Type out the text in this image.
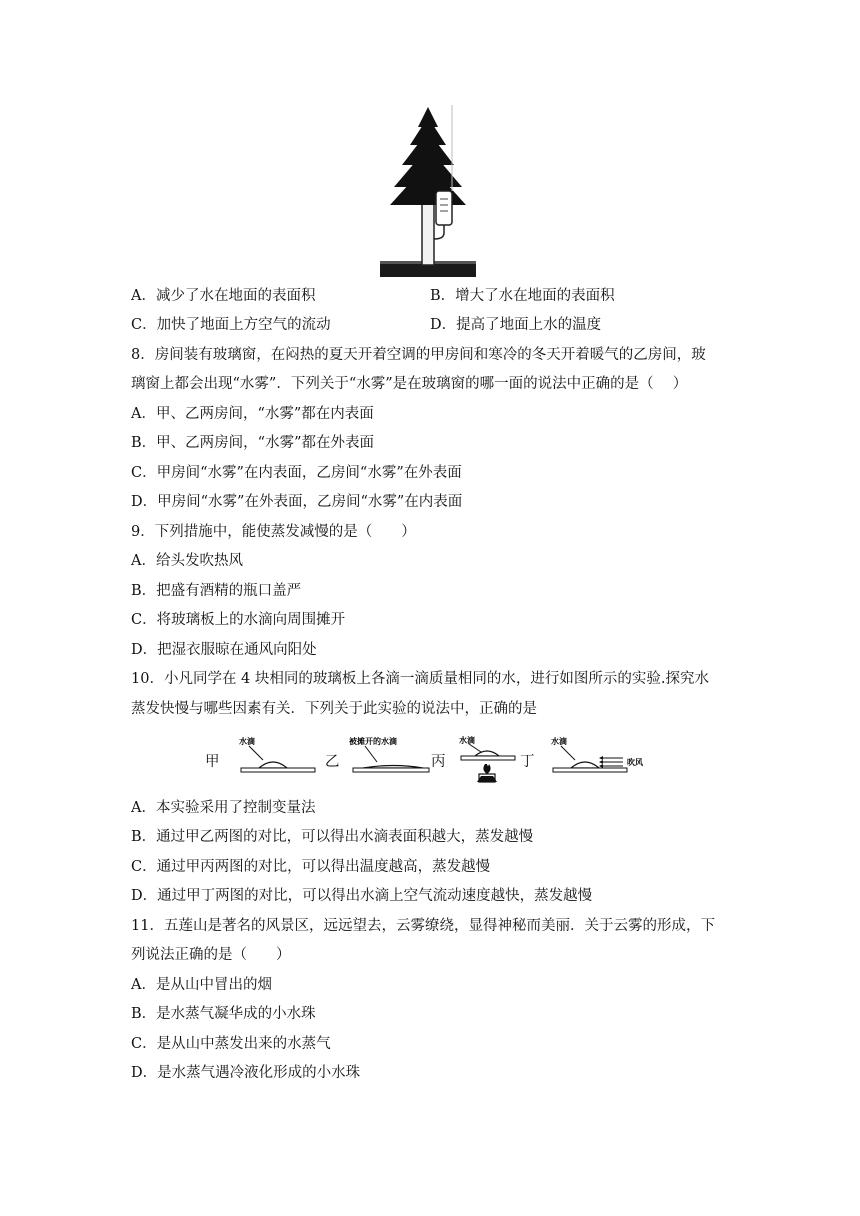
A．减少了水在地面的表面积	B．增大了水在地面的表面积
C．加快了地面上方空气的流动	D．提高了地面上水的温度
8．房间装有玻璃窗，在闷热的夏天开着空调的甲房间和寒冷的冬天开着暖气的乙房间，玻
璃窗上都会出现“水雾”．下列关于“水雾”是在玻璃窗的哪一面的说法中正确的是（　 ）
A．甲、乙两房间，“水雾”都在内表面
B．甲、乙两房间，“水雾”都在外表面
C．甲房间“水雾”在内表面，乙房间“水雾”在外表面
D．甲房间“水雾”在外表面，乙房间“水雾”在内表面
9．下列措施中，能使蒸发减慢的是（　　）
A．给头发吹热风
B．把盛有酒精的瓶口盖严
C．将玻璃板上的水滴向周围摊开
D．把湿衣服晾在通风向阳处
10．小凡同学在 4 块相同的玻璃板上各滴一滴质量相同的水，进行如图所示的实验.探究水
蒸发快慢与哪些因素有关．下列关于此实验的说法中，正确的是
甲
水滴
乙
被摊开的水滴
丙
水滴
丁
水滴
吹风
A．本实验采用了控制变量法
B．通过甲乙两图的对比，可以得出水滴表面积越大，蒸发越慢
C．通过甲丙两图的对比，可以得出温度越高，蒸发越慢
D．通过甲丁两图的对比，可以得出水滴上空气流动速度越快，蒸发越慢
11．五莲山是著名的风景区，远远望去，云雾缭绕，显得神秘而美丽．关于云雾的形成，下
列说法正确的是（　　）
A．是从山中冒出的烟
B．是水蒸气凝华成的小水珠
C．是从山中蒸发出来的水蒸气
D．是水蒸气遇冷液化形成的小水珠
